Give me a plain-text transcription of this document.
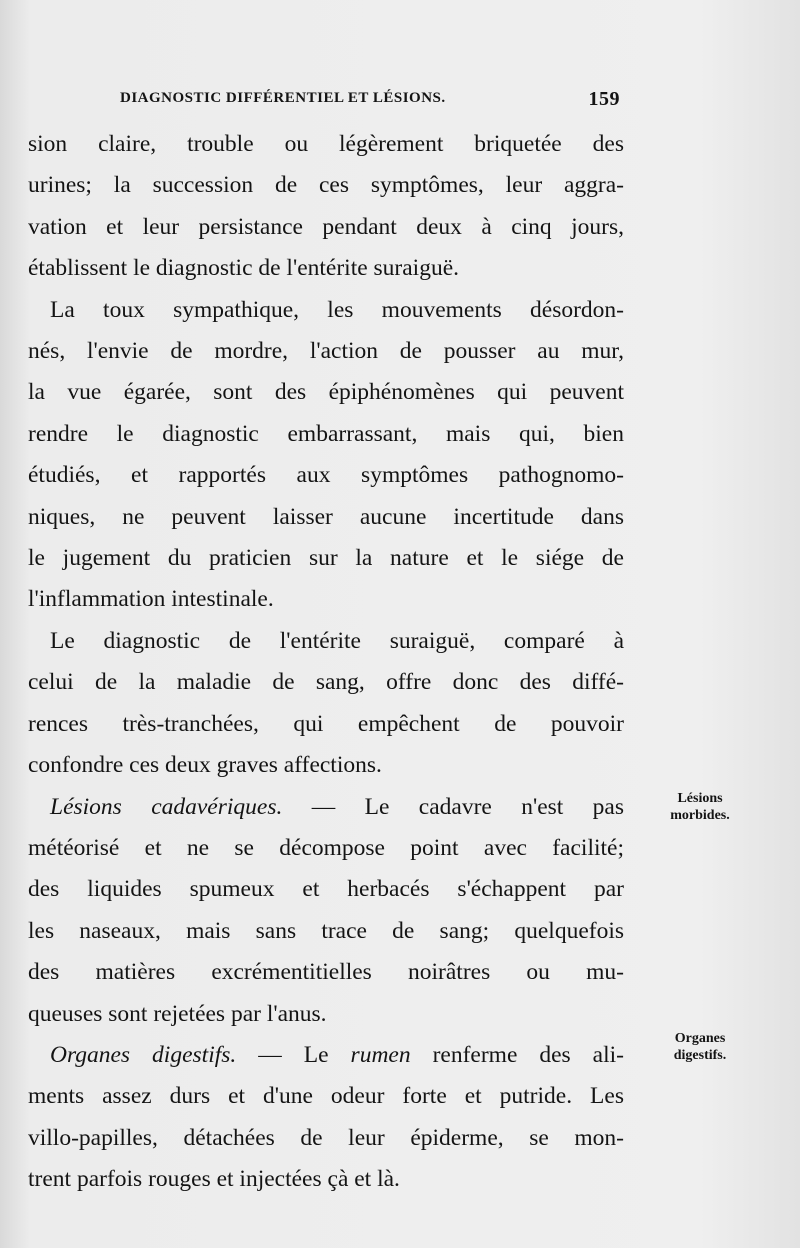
DIAGNOSTIC DIFFÉRENTIEL ET LÉSIONS.	159

sion claire, trouble ou légèrement briquetée des
urines; la succession de ces symptômes, leur aggra-
vation et leur persistance pendant deux à cinq jours,
établissent le diagnostic de l'entérite suraiguë.

La toux sympathique, les mouvements désordon-
nés, l'envie de mordre, l'action de pousser au mur,
la vue égarée, sont des épiphénomènes qui peuvent
rendre le diagnostic embarrassant, mais qui, bien
étudiés, et rapportés aux symptômes pathognomo-
niques, ne peuvent laisser aucune incertitude dans
le jugement du praticien sur la nature et le siége de
l'inflammation intestinale.

Le diagnostic de l'entérite suraiguë, comparé à
celui de la maladie de sang, offre donc des diffé-
rences très-tranchées, qui empêchent de pouvoir
confondre ces deux graves affections.

Lésions cadavériques. — Le cadavre n'est pas
météorisé et ne se décompose point avec facilité;
des liquides spumeux et herbacés s'échappent par
les naseaux, mais sans trace de sang; quelquefois
des matières excrémentitielles noirâtres ou mu-
queuses sont rejetées par l'anus.

Organes digestifs. — Le rumen renferme des ali-
ments assez durs et d'une odeur forte et putride. Les
villo-papilles, détachées de leur épiderme, se mon-
trent parfois rouges et injectées çà et là.

Lésions morbides.
Organes digestifs.
